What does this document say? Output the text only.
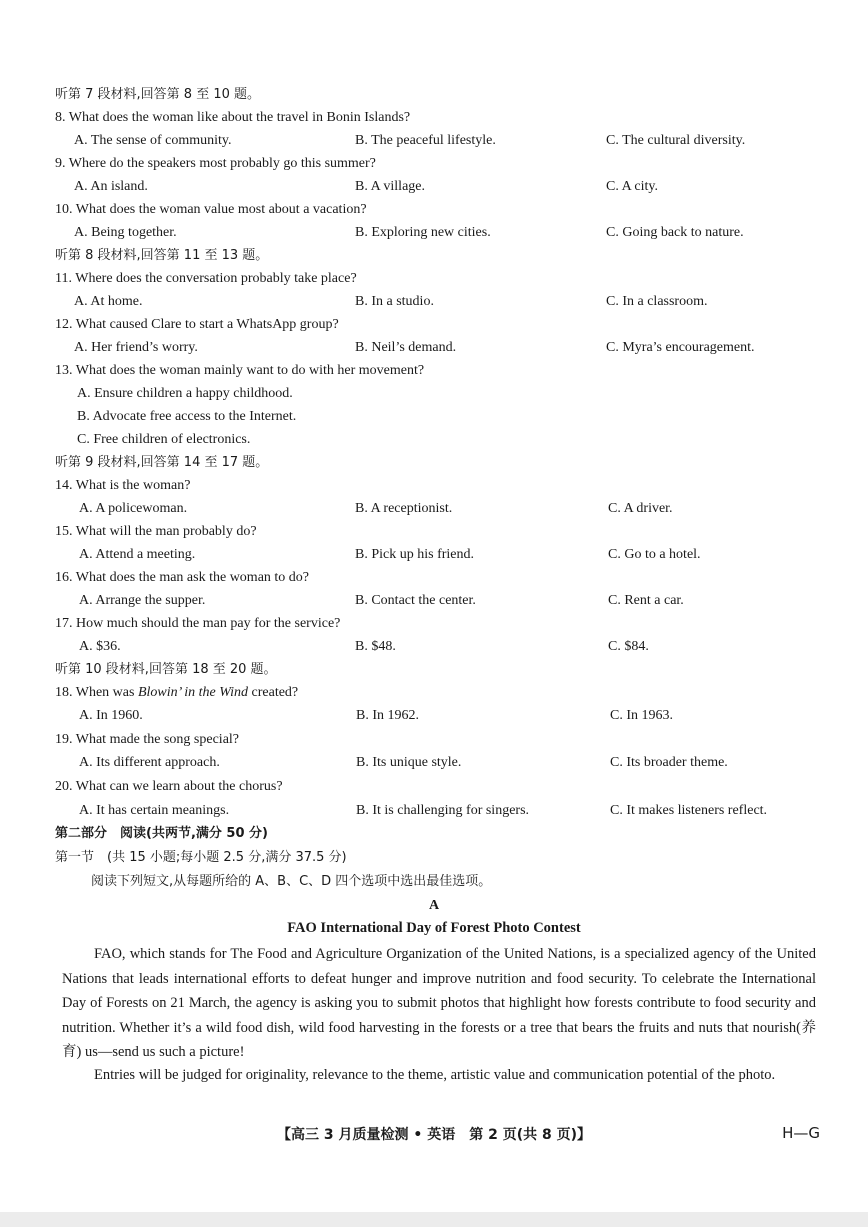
听第 7 段材料,回答第 8 至 10 题。
8. What does the woman like about the travel in Bonin Islands?
A. The sense of community.	B. The peaceful lifestyle.	C. The cultural diversity.
9. Where do the speakers most probably go this summer?
A. An island.	B. A village.	C. A city.
10. What does the woman value most about a vacation?
A. Being together.	B. Exploring new cities.	C. Going back to nature.
听第 8 段材料,回答第 11 至 13 题。
11. Where does the conversation probably take place?
A. At home.	B. In a studio.	C. In a classroom.
12. What caused Clare to start a WhatsApp group?
A. Her friend’s worry.	B. Neil’s demand.	C. Myra’s encouragement.
13. What does the woman mainly want to do with her movement?
A. Ensure children a happy childhood.
B. Advocate free access to the Internet.
C. Free children of electronics.
听第 9 段材料,回答第 14 至 17 题。
14. What is the woman?
A. A policewoman.	B. A receptionist.	C. A driver.
15. What will the man probably do?
A. Attend a meeting.	B. Pick up his friend.	C. Go to a hotel.
16. What does the man ask the woman to do?
A. Arrange the supper.	B. Contact the center.	C. Rent a car.
17. How much should the man pay for the service?
A. $36.	B. $48.	C. $84.
听第 10 段材料,回答第 18 至 20 题。
18. When was Blowin’ in the Wind created?
A. In 1960.	B. In 1962.	C. In 1963.
19. What made the song special?
A. Its different approach.	B. Its unique style.	C. Its broader theme.
20. What can we learn about the chorus?
A. It has certain meanings.	B. It is challenging for singers.	C. It makes listeners reflect.
第二部分　阅读(共两节,满分 50 分)
第一节　(共 15 小题;每小题 2.5 分,满分 37.5 分)
阅读下列短文,从每题所给的 A、B、C、D 四个选项中选出最佳选项。
A
FAO International Day of Forest Photo Contest
FAO, which stands for The Food and Agriculture Organization of the United Nations, is a specialized agency of the United Nations that leads international efforts to defeat hunger and improve nutrition and food security. To celebrate the International Day of Forests on 21 March, the agency is asking you to submit photos that highlight how forests contribute to food security and nutrition. Whether it’s a wild food dish, wild food harvesting in the forests or a tree that bears the fruits and nuts that nourish(养育) us—send us such a picture!
Entries will be judged for originality, relevance to the theme, artistic value and communication potential of the photo.
【高三 3 月质量检测 • 英语　第 2 页(共 8 页)】	H—G
